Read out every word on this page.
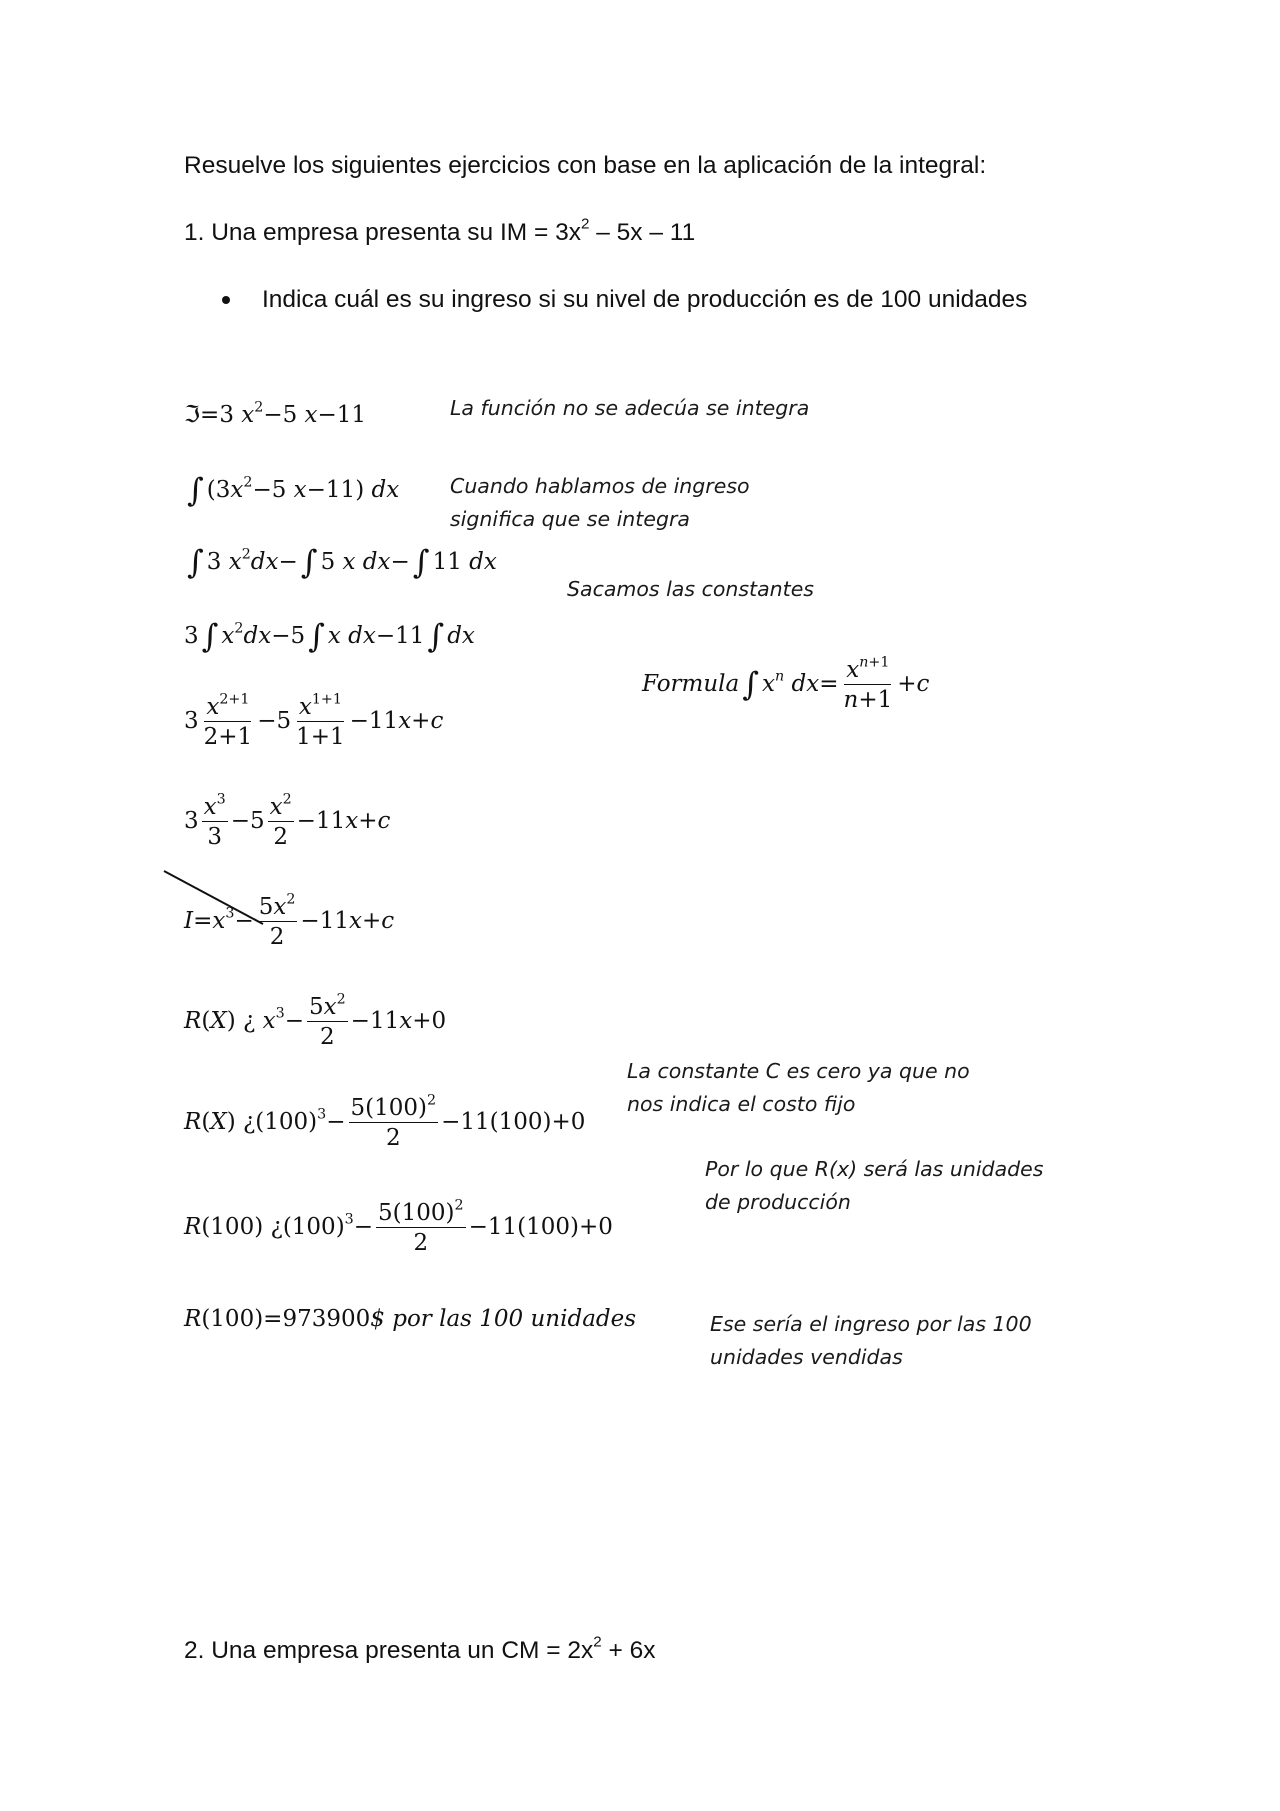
Resuelve los siguientes ejercicios con base en la aplicación de la integral:
1. Una empresa presenta su IM = $3x^2 - 5x - 11$
Indica cuál es su ingreso si su nivel de producción es de 100 unidades
ℑ=3 $x^2-5$ x−11	La función no se adecúa se integra
∫ ($3x^2-5$ x−11) dx Cuando hablamos de ingreso
significa que se integra
∫ 3 $x^2dx-\int$ 5 x dx−∫ 11 dx
Sacamos las constantes
3∫ $x^2dx-5\int$ x dx−11∫ dx
Formula∫ $x^n$ $dx= \frac{x^{n+1}}{n+1} +c$
$3 \frac{x^{2+1}}{2+1} -5 \frac{x^{1+1}}{1+1} -11x+c$
$3 \frac{x^3}{3} -5 \frac{x^2}{2} -11x+c$
$I=x^3- \frac{5x^2}{2} -11x+c$
R(X) ¿ $x^3- \frac{5x^2}{2} -11x+0$
La constante C es cero ya que no
nos indica el costo fijo
R(X) ¿$(100)^3- \frac{5(100)^2}{2} -11(100)+0$
Por lo que R(x) será las unidades
de producción
R(100) ¿$(100)^3- \frac{5(100)^2}{2} -11(100)+0$
R(100)=973900$ por las 100 unidades	Ese sería el ingreso por las 100
unidades vendidas
2. Una empresa presenta un CM = $2x^2 + 6x$
